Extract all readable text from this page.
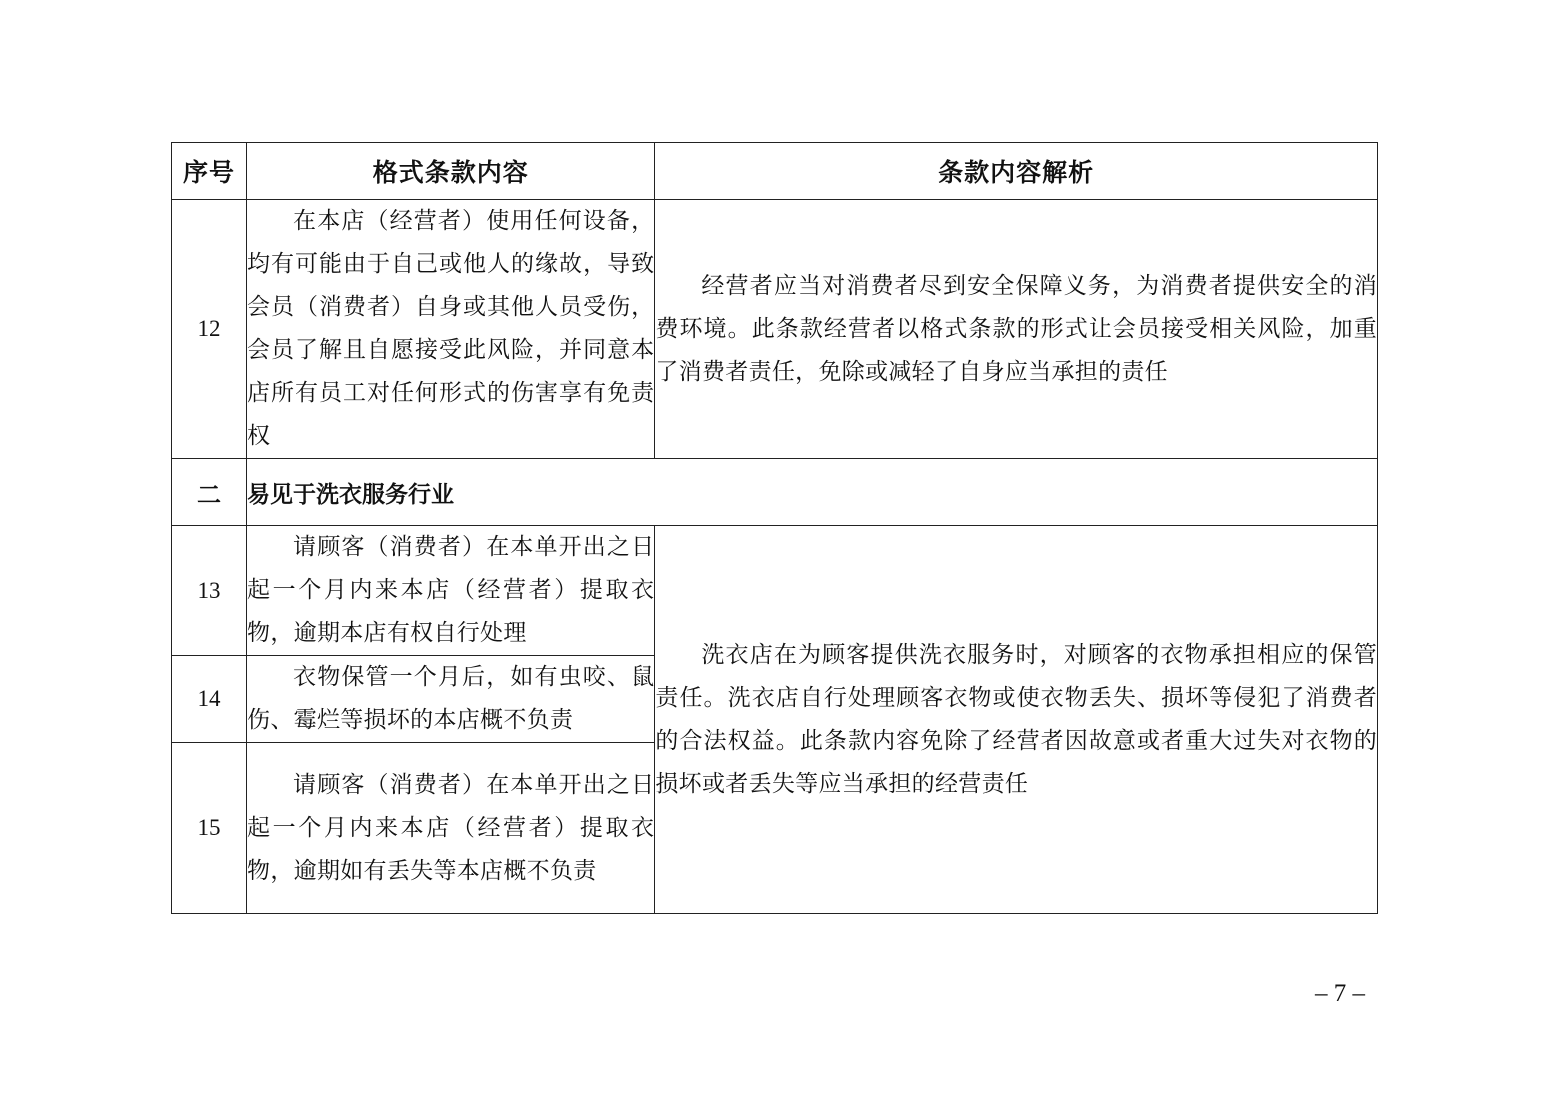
序号	格式条款内容	条款内容解析
12	在本店（经营者）使用任何设备，均有可能由于自己或他人的缘故，导致会员（消费者）自身或其他人员受伤，会员了解且自愿接受此风险，并同意本店所有员工对任何形式的伤害享有免责权	经营者应当对消费者尽到安全保障义务，为消费者提供安全的消费环境。此条款经营者以格式条款的形式让会员接受相关风险，加重了消费者责任，免除或减轻了自身应当承担的责任
二	易见于洗衣服务行业	
13	请顾客（消费者）在本单开出之日起一个月内来本店（经营者）提取衣物，逾期本店有权自行处理	洗衣店在为顾客提供洗衣服务时，对顾客的衣物承担相应的保管责任。洗衣店自行处理顾客衣物或使衣物丢失、损坏等侵犯了消费者的合法权益。此条款内容免除了经营者因故意或者重大过失对衣物的损坏或者丢失等应当承担的经营责任
14	衣物保管一个月后，如有虫咬、鼠伤、霉烂等损坏的本店概不负责	
15	请顾客（消费者）在本单开出之日起一个月内来本店（经营者）提取衣物，逾期如有丢失等本店概不负责	
– 7 –
